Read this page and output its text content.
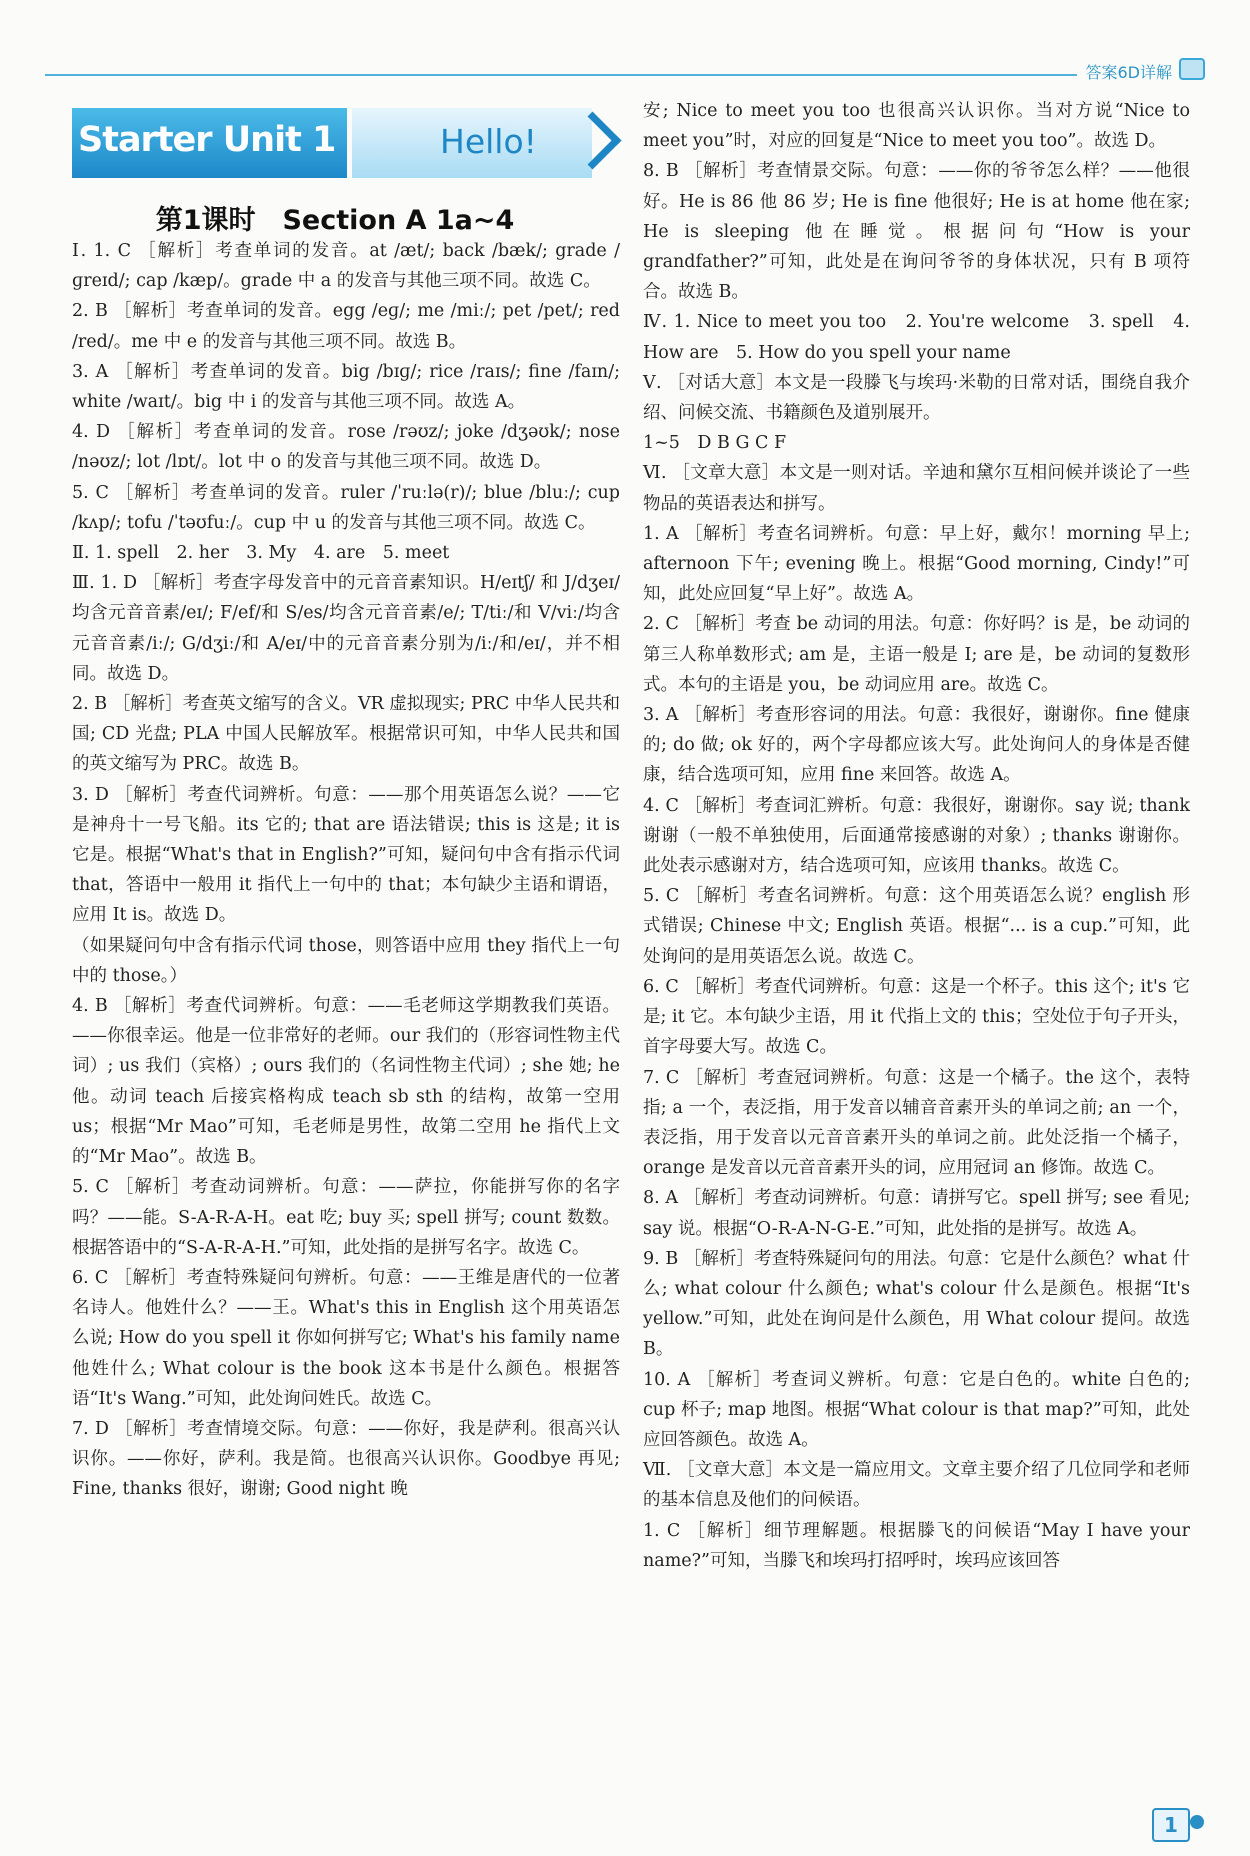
答案6D详解
Starter Unit 1	Hello!
第1课时　Section A 1a~4

Ⅰ. 1. C ［解析］考查单词的发音。at /æt/; back /bæk/; grade /ɡreɪd/; cap /kæp/。grade 中 a 的发音与其他三项不同。故选 C。

2. B ［解析］考查单词的发音。egg /eɡ/; me /miː/; pet /pet/; red /red/。me 中 e 的发音与其他三项不同。故选 B。

3. A ［解析］考查单词的发音。big /bɪɡ/; rice /raɪs/; fine /faɪn/; white /waɪt/。big 中 i 的发音与其他三项不同。故选 A。

4. D ［解析］考查单词的发音。rose /rəʊz/; joke /dʒəʊk/; nose /nəʊz/; lot /lɒt/。lot 中 o 的发音与其他三项不同。故选 D。

5. C ［解析］考查单词的发音。ruler /ˈruːlə(r)/; blue /bluː/; cup /kʌp/; tofu /ˈtəʊfuː/。cup 中 u 的发音与其他三项不同。故选 C。

Ⅱ. 1. spell　2. her　3. My　4. are　5. meet

Ⅲ. 1. D ［解析］考查字母发音中的元音音素知识。H/eɪtʃ/ 和 J/dʒeɪ/ 均含元音音素/eɪ/; F/ef/和 S/es/均含元音音素/e/; T/tiː/和 V/viː/均含元音音素/iː/; G/dʒiː/和 A/eɪ/中的元音音素分别为/iː/和/eɪ/，并不相同。故选 D。

2. B ［解析］考查英文缩写的含义。VR 虚拟现实; PRC 中华人民共和国; CD 光盘; PLA 中国人民解放军。根据常识可知，中华人民共和国的英文缩写为 PRC。故选 B。

3. D ［解析］考查代词辨析。句意：——那个用英语怎么说？——它是神舟十一号飞船。its 它的; that are 语法错误; this is 这是; it is 它是。根据“What's that in English?”可知，疑问句中含有指示代词 that，答语中一般用 it 指代上一句中的 that；本句缺少主语和谓语，应用 It is。故选 D。

（如果疑问句中含有指示代词 those，则答语中应用 they 指代上一句中的 those。）

4. B ［解析］考查代词辨析。句意：——毛老师这学期教我们英语。——你很幸运。他是一位非常好的老师。our 我们的（形容词性物主代词）; us 我们（宾格）; ours 我们的（名词性物主代词）; she 她; he 他。动词 teach 后接宾格构成 teach sb sth 的结构，故第一空用 us；根据“Mr Mao”可知，毛老师是男性，故第二空用 he 指代上文的“Mr Mao”。故选 B。

5. C ［解析］考查动词辨析。句意：——萨拉，你能拼写你的名字吗？——能。S-A-R-A-H。eat 吃; buy 买; spell 拼写; count 数数。根据答语中的“S-A-R-A-H.”可知，此处指的是拼写名字。故选 C。

6. C ［解析］考查特殊疑问句辨析。句意：——王维是唐代的一位著名诗人。他姓什么？——王。What's this in English 这个用英语怎么说; How do you spell it 你如何拼写它; What's his family name 他姓什么; What colour is the book 这本书是什么颜色。根据答语“It's Wang.”可知，此处询问姓氏。故选 C。

7. D ［解析］考查情境交际。句意：——你好，我是萨利。很高兴认识你。——你好，萨利。我是简。也很高兴认识你。Goodbye 再见; Fine, thanks 很好，谢谢; Good night 晚

安; Nice to meet you too 也很高兴认识你。当对方说“Nice to meet you”时，对应的回复是“Nice to meet you too”。故选 D。

8. B ［解析］考查情景交际。句意：——你的爷爷怎么样？——他很好。He is 86 他 86 岁; He is fine 他很好; He is at home 他在家; He is sleeping 他在睡觉。根据问句“How is your grandfather?”可知，此处是在询问爷爷的身体状况，只有 B 项符合。故选 B。

Ⅳ. 1. Nice to meet you too　2. You're welcome　3. spell　4. How are　5. How do you spell your name

Ⅴ. ［对话大意］本文是一段滕飞与埃玛·米勒的日常对话，围绕自我介绍、问候交流、书籍颜色及道别展开。

1~5　D B G C F

Ⅵ. ［文章大意］本文是一则对话。辛迪和黛尔互相问候并谈论了一些物品的英语表达和拼写。

1. A ［解析］考查名词辨析。句意：早上好，戴尔！morning 早上; afternoon 下午; evening 晚上。根据“Good morning, Cindy!”可知，此处应回复“早上好”。故选 A。

2. C ［解析］考查 be 动词的用法。句意：你好吗？is 是，be 动词的第三人称单数形式; am 是，主语一般是 I; are 是，be 动词的复数形式。本句的主语是 you，be 动词应用 are。故选 C。

3. A ［解析］考查形容词的用法。句意：我很好，谢谢你。fine 健康的; do 做; ok 好的，两个字母都应该大写。此处询问人的身体是否健康，结合选项可知，应用 fine 来回答。故选 A。

4. C ［解析］考查词汇辨析。句意：我很好，谢谢你。say 说; thank 谢谢（一般不单独使用，后面通常接感谢的对象）; thanks 谢谢你。此处表示感谢对方，结合选项可知，应该用 thanks。故选 C。

5. C ［解析］考查名词辨析。句意：这个用英语怎么说？english 形式错误; Chinese 中文; English 英语。根据“... is a cup.”可知，此处询问的是用英语怎么说。故选 C。

6. C ［解析］考查代词辨析。句意：这是一个杯子。this 这个; it's 它是; it 它。本句缺少主语，用 it 代指上文的 this；空处位于句子开头，首字母要大写。故选 C。

7. C ［解析］考查冠词辨析。句意：这是一个橘子。the 这个，表特指; a 一个，表泛指，用于发音以辅音音素开头的单词之前; an 一个，表泛指，用于发音以元音音素开头的单词之前。此处泛指一个橘子，orange 是发音以元音音素开头的词，应用冠词 an 修饰。故选 C。

8. A ［解析］考查动词辨析。句意：请拼写它。spell 拼写; see 看见; say 说。根据“O-R-A-N-G-E.”可知，此处指的是拼写。故选 A。

9. B ［解析］考查特殊疑问句的用法。句意：它是什么颜色？what 什么; what colour 什么颜色; what's colour 什么是颜色。根据“It's yellow.”可知，此处在询问是什么颜色，用 What colour 提问。故选 B。

10. A ［解析］考查词义辨析。句意：它是白色的。white 白色的; cup 杯子; map 地图。根据“What colour is that map?”可知，此处应回答颜色。故选 A。

Ⅶ. ［文章大意］本文是一篇应用文。文章主要介绍了几位同学和老师的基本信息及他们的问候语。

1. C ［解析］细节理解题。根据滕飞的问候语“May I have your name?”可知，当滕飞和埃玛打招呼时，埃玛应该回答

1
